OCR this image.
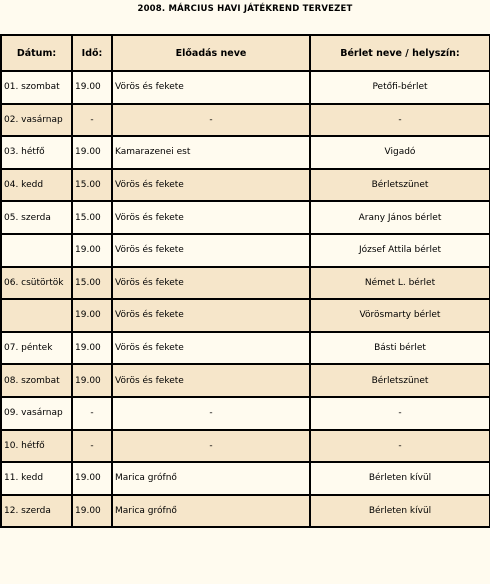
2008. MÁRCIUS HAVI JÁTÉKREND TERVEZET
Dátum:	Idő:	Előadás neve	Bérlet neve / helyszín:
01. szombat	19.00	Vörös és fekete	Petőfi-bérlet
02. vasárnap	-	-	-
03. hétfő	19.00	Kamarazenei est	Vigadó
04. kedd	15.00	Vörös és fekete	Bérletszünet
05. szerda	15.00	Vörös és fekete	Arany János bérlet
	19.00	Vörös és fekete	József Attila bérlet
06. csütörtök	15.00	Vörös és fekete	Német L. bérlet
	19.00	Vörös és fekete	Vörösmarty bérlet
07. péntek	19.00	Vörös és fekete	Básti bérlet
08. szombat	19.00	Vörös és fekete	Bérletszünet
09. vasárnap	-	-	-
10. hétfő	-	-	-
11. kedd	19.00	Marica grófnő	Bérleten kívül
12. szerda	19.00	Marica grófnő	Bérleten kívül
